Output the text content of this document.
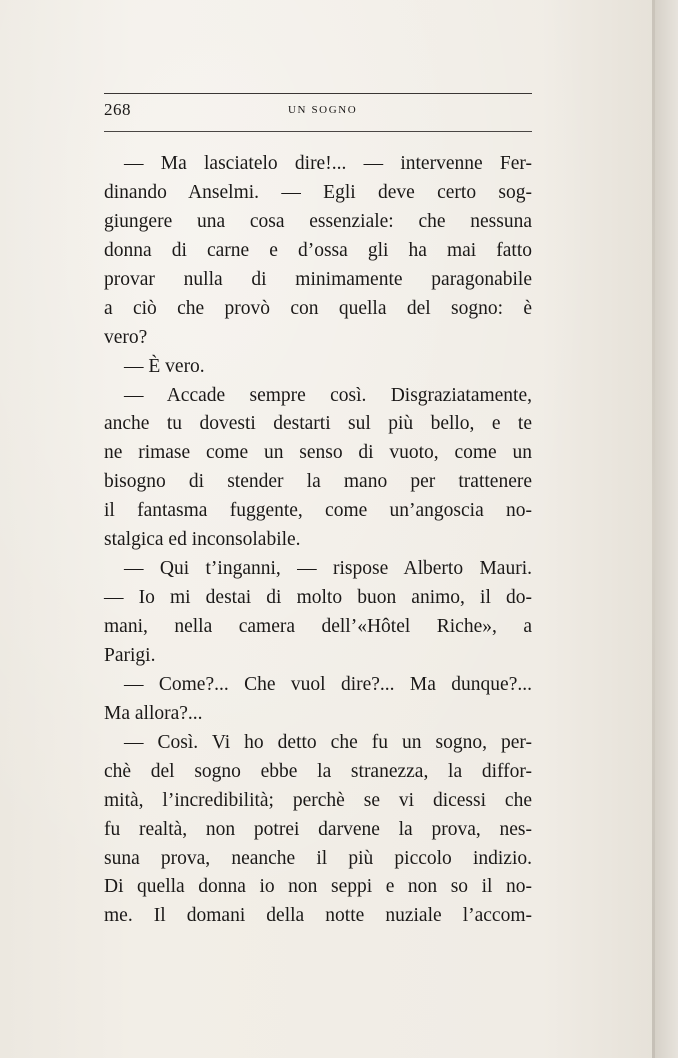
268	UN SOGNO
— Ma lasciatelo dire!... — intervenne Fer-
dinando Anselmi. — Egli deve certo sog-
giungere una cosa essenziale: che nessuna
donna di carne e d’ossa gli ha mai fatto
provar nulla di minimamente paragonabile
a ciò che provò con quella del sogno: è
vero?
— È vero.
— Accade sempre così. Disgraziatamente,
anche tu dovesti destarti sul più bello, e te
ne rimase come un senso di vuoto, come un
bisogno di stender la mano per trattenere
il fantasma fuggente, come un’angoscia no-
stalgica ed inconsolabile.
— Qui t’inganni, — rispose Alberto Mauri.
— Io mi destai di molto buon animo, il do-
mani, nella camera dell’«Hôtel Riche», a
Parigi.
— Come?... Che vuol dire?... Ma dunque?...
Ma allora?...
— Così. Vi ho detto che fu un sogno, per-
chè del sogno ebbe la stranezza, la diffor-
mità, l’incredibilità; perchè se vi dicessi che
fu realtà, non potrei darvene la prova, nes-
suna prova, neanche il più piccolo indizio.
Di quella donna io non seppi e non so il no-
me. Il domani della notte nuziale l’accom-
